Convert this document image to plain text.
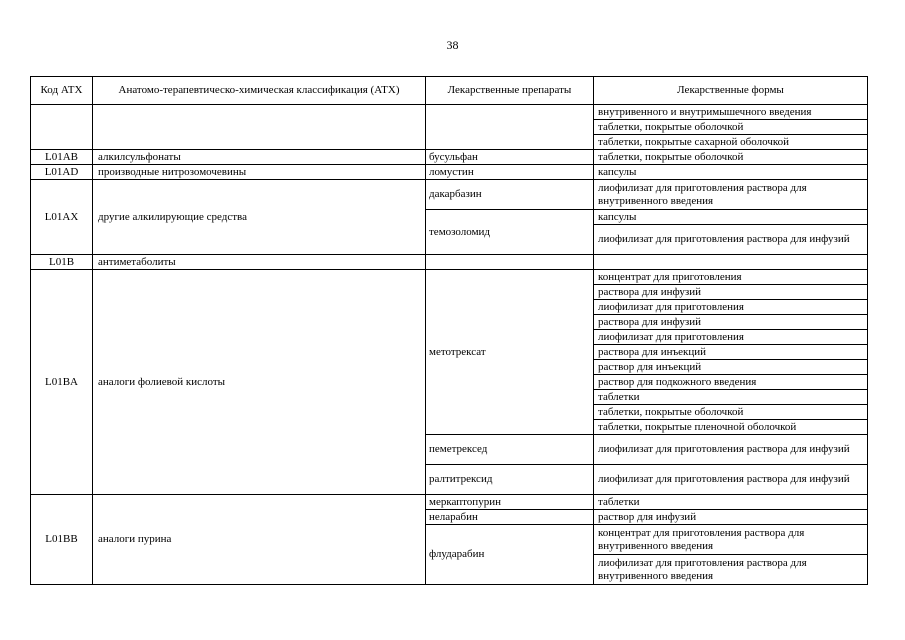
38
Код АТХ	Анатомо-терапевтическо-химическая классификация (АТХ)	Лекарственные препараты	Лекарственные формы
			внутривенного и внутримышечного введения
			таблетки, покрытые оболочкой
			таблетки, покрытые сахарной оболочкой
L01AB	алкилсульфонаты	бусульфан	таблетки, покрытые оболочкой
L01AD	производные нитрозомочевины	ломустин	капсулы
L01AX	другие алкилирующие средства	дакарбазин	лиофилизат для приготовления раствора для внутривенного введения
		темозоломид	капсулы
			лиофилизат для приготовления раствора для инфузий
L01B	антиметаболиты		
L01BA	аналоги фолиевой кислоты	метотрексат	концентрат для приготовления
			раствора для инфузий
			лиофилизат для приготовления
			раствора для инфузий
			лиофилизат для приготовления
			раствора для инъекций
			раствор для инъекций
			раствор для подкожного введения
			таблетки
			таблетки, покрытые оболочкой
			таблетки, покрытые пленочной оболочкой
		пеметрексед	лиофилизат для приготовления раствора для инфузий
		ралтитрексид	лиофилизат для приготовления раствора для инфузий
L01BB	аналоги пурина	меркаптопурин	таблетки
		неларабин	раствор для инфузий
		флударабин	концентрат для приготовления раствора для внутривенного введения
			лиофилизат для приготовления раствора для внутривенного введения
